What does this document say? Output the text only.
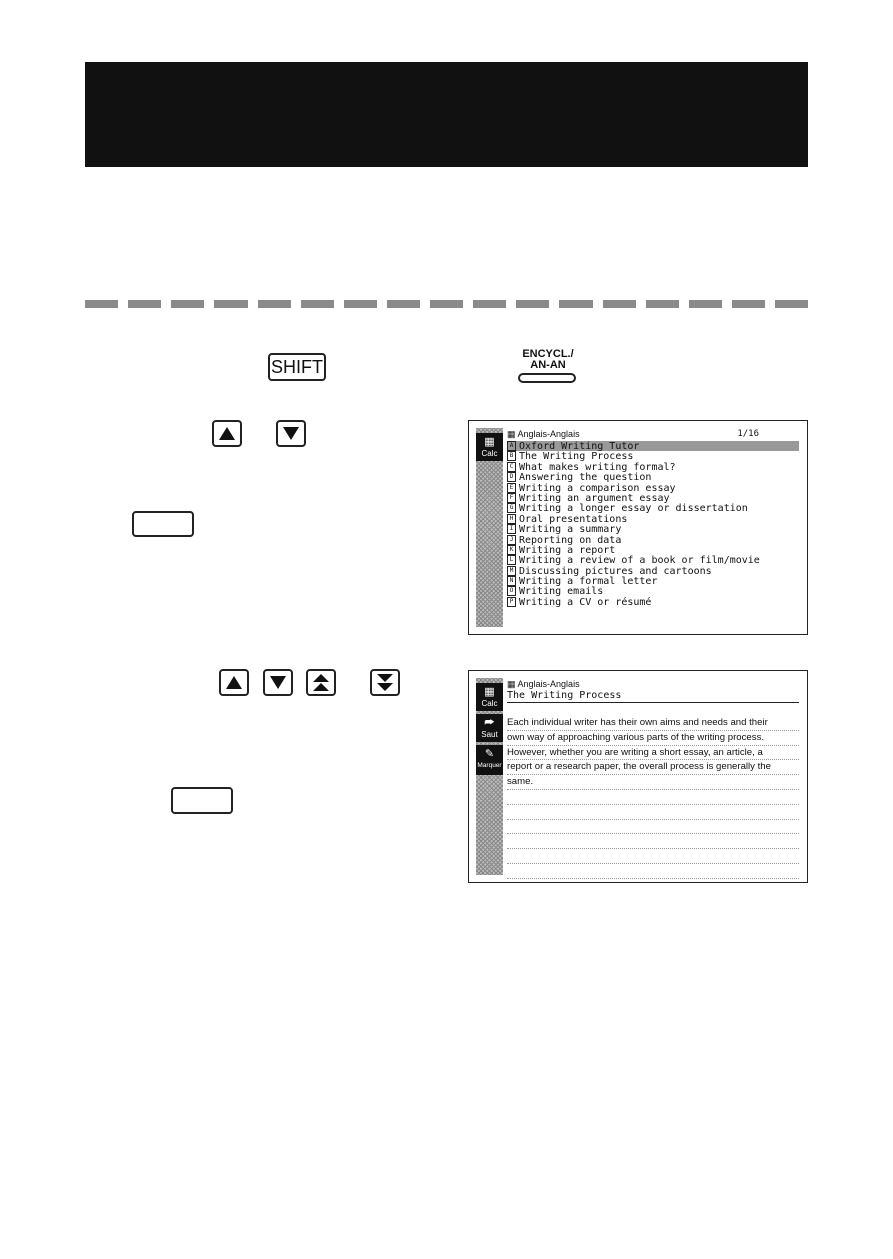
SHIFT
ENCYCL./
AN-AN
▦
Calc
▦ Anglais-Anglais	1/16
A Oxford Writing Tutor
B The Writing Process
C What makes writing formal?
D Answering the question
E Writing a comparison essay
F Writing an argument essay
G Writing a longer essay or dissertation
H Oral presentations
I Writing a summary
J Reporting on data
K Writing a report
L Writing a review of a book or film/movie
M Discussing pictures and cartoons
N Writing a formal letter
O Writing emails
P Writing a CV or résumé
▦
Calc
⮫
Saut
✎
Marquer
▦ Anglais-Anglais
The Writing Process
Each individual writer has their own aims and needs and their
own way of approaching various parts of the writing process.
However, whether you are writing a short essay, an article, a
report or a research paper, the overall process is generally the
same.
